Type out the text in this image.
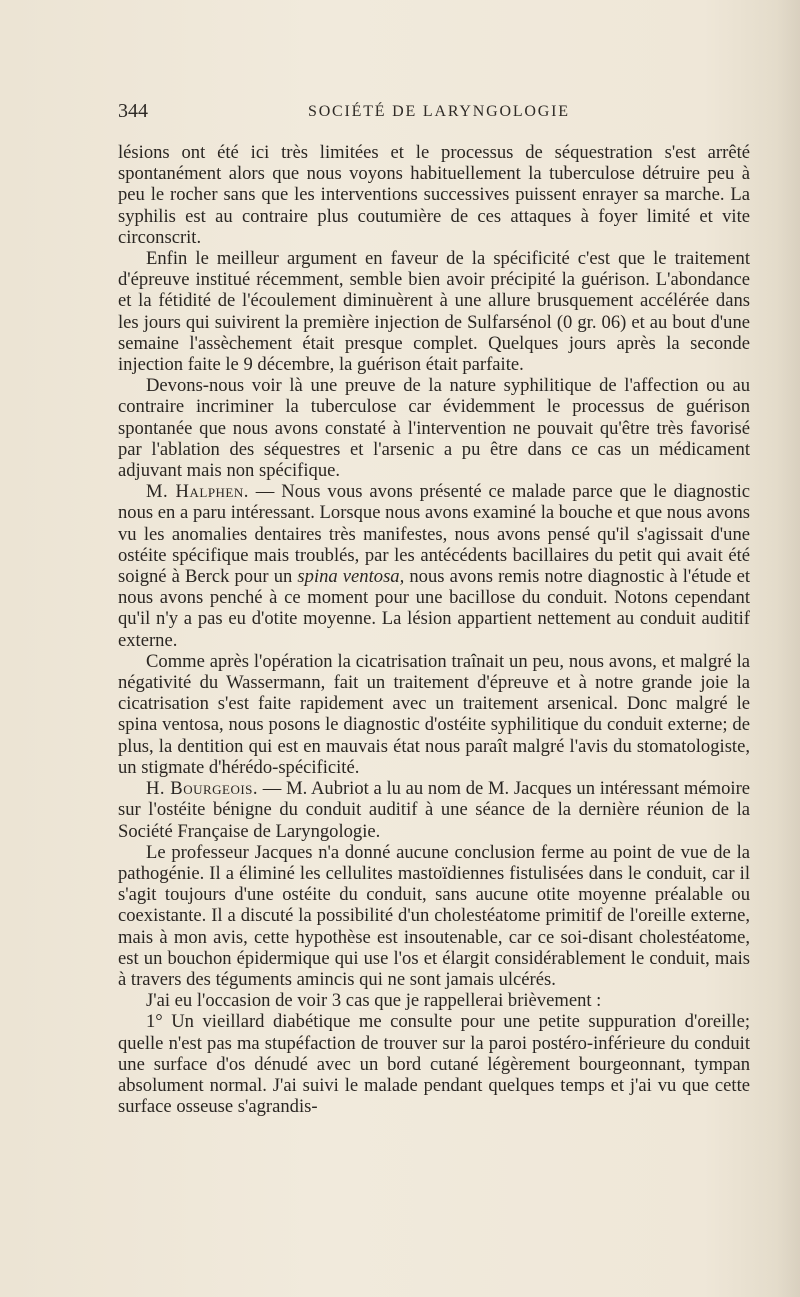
344	SOCIÉTÉ DE LARYNGOLOGIE

lésions ont été ici très limitées et le processus de séquestration s'est arrêté spontanément alors que nous voyons habituellement la tuberculose détruire peu à peu le rocher sans que les interventions successives puissent enrayer sa marche. La syphilis est au contraire plus coutumière de ces attaques à foyer limité et vite circonscrit.

Enfin le meilleur argument en faveur de la spécificité c'est que le traitement d'épreuve institué récemment, semble bien avoir précipité la guérison. L'abondance et la fétidité de l'écoulement diminuèrent à une allure brusquement accélérée dans les jours qui suivirent la première injection de Sulfarsénol (0 gr. 06) et au bout d'une semaine l'assèchement était presque complet. Quelques jours après la seconde injection faite le 9 décembre, la guérison était parfaite.

Devons-nous voir là une preuve de la nature syphilitique de l'affection ou au contraire incriminer la tuberculose car évidemment le processus de guérison spontanée que nous avons constaté à l'intervention ne pouvait qu'être très favorisé par l'ablation des séquestres et l'arsenic a pu être dans ce cas un médicament adjuvant mais non spécifique.

M. Halphen. — Nous vous avons présenté ce malade parce que le diagnostic nous en a paru intéressant. Lorsque nous avons examiné la bouche et que nous avons vu les anomalies dentaires très manifestes, nous avons pensé qu'il s'agissait d'une ostéite spécifique mais troublés, par les antécédents bacillaires du petit qui avait été soigné à Berck pour un spina ventosa, nous avons remis notre diagnostic à l'étude et nous avons penché à ce moment pour une bacillose du conduit. Notons cependant qu'il n'y a pas eu d'otite moyenne. La lésion appartient nettement au conduit auditif externe.

Comme après l'opération la cicatrisation traînait un peu, nous avons, et malgré la négativité du Wassermann, fait un traitement d'épreuve et à notre grande joie la cicatrisation s'est faite rapidement avec un traitement arsenical. Donc malgré le spina ventosa, nous posons le diagnostic d'ostéite syphilitique du conduit externe; de plus, la dentition qui est en mauvais état nous paraît malgré l'avis du stomatologiste, un stigmate d'hérédo-spécificité.

H. Bourgeois. — M. Aubriot a lu au nom de M. Jacques un intéressant mémoire sur l'ostéite bénigne du conduit auditif à une séance de la dernière réunion de la Société Française de Laryngologie.

Le professeur Jacques n'a donné aucune conclusion ferme au point de vue de la pathogénie. Il a éliminé les cellulites mastoïdiennes fistulisées dans le conduit, car il s'agit toujours d'une ostéite du conduit, sans aucune otite moyenne préalable ou coexistante. Il a discuté la possibilité d'un cholestéatome primitif de l'oreille externe, mais à mon avis, cette hypothèse est insoutenable, car ce soi-disant cholestéatome, est un bouchon épidermique qui use l'os et élargit considérablement le conduit, mais à travers des téguments amincis qui ne sont jamais ulcérés.

J'ai eu l'occasion de voir 3 cas que je rappellerai brièvement :

1° Un vieillard diabétique me consulte pour une petite suppuration d'oreille; quelle n'est pas ma stupéfaction de trouver sur la paroi postéro-inférieure du conduit une surface d'os dénudé avec un bord cutané légèrement bourgeonnant, tympan absolument normal. J'ai suivi le malade pendant quelques temps et j'ai vu que cette surface osseuse s'agrandis-
